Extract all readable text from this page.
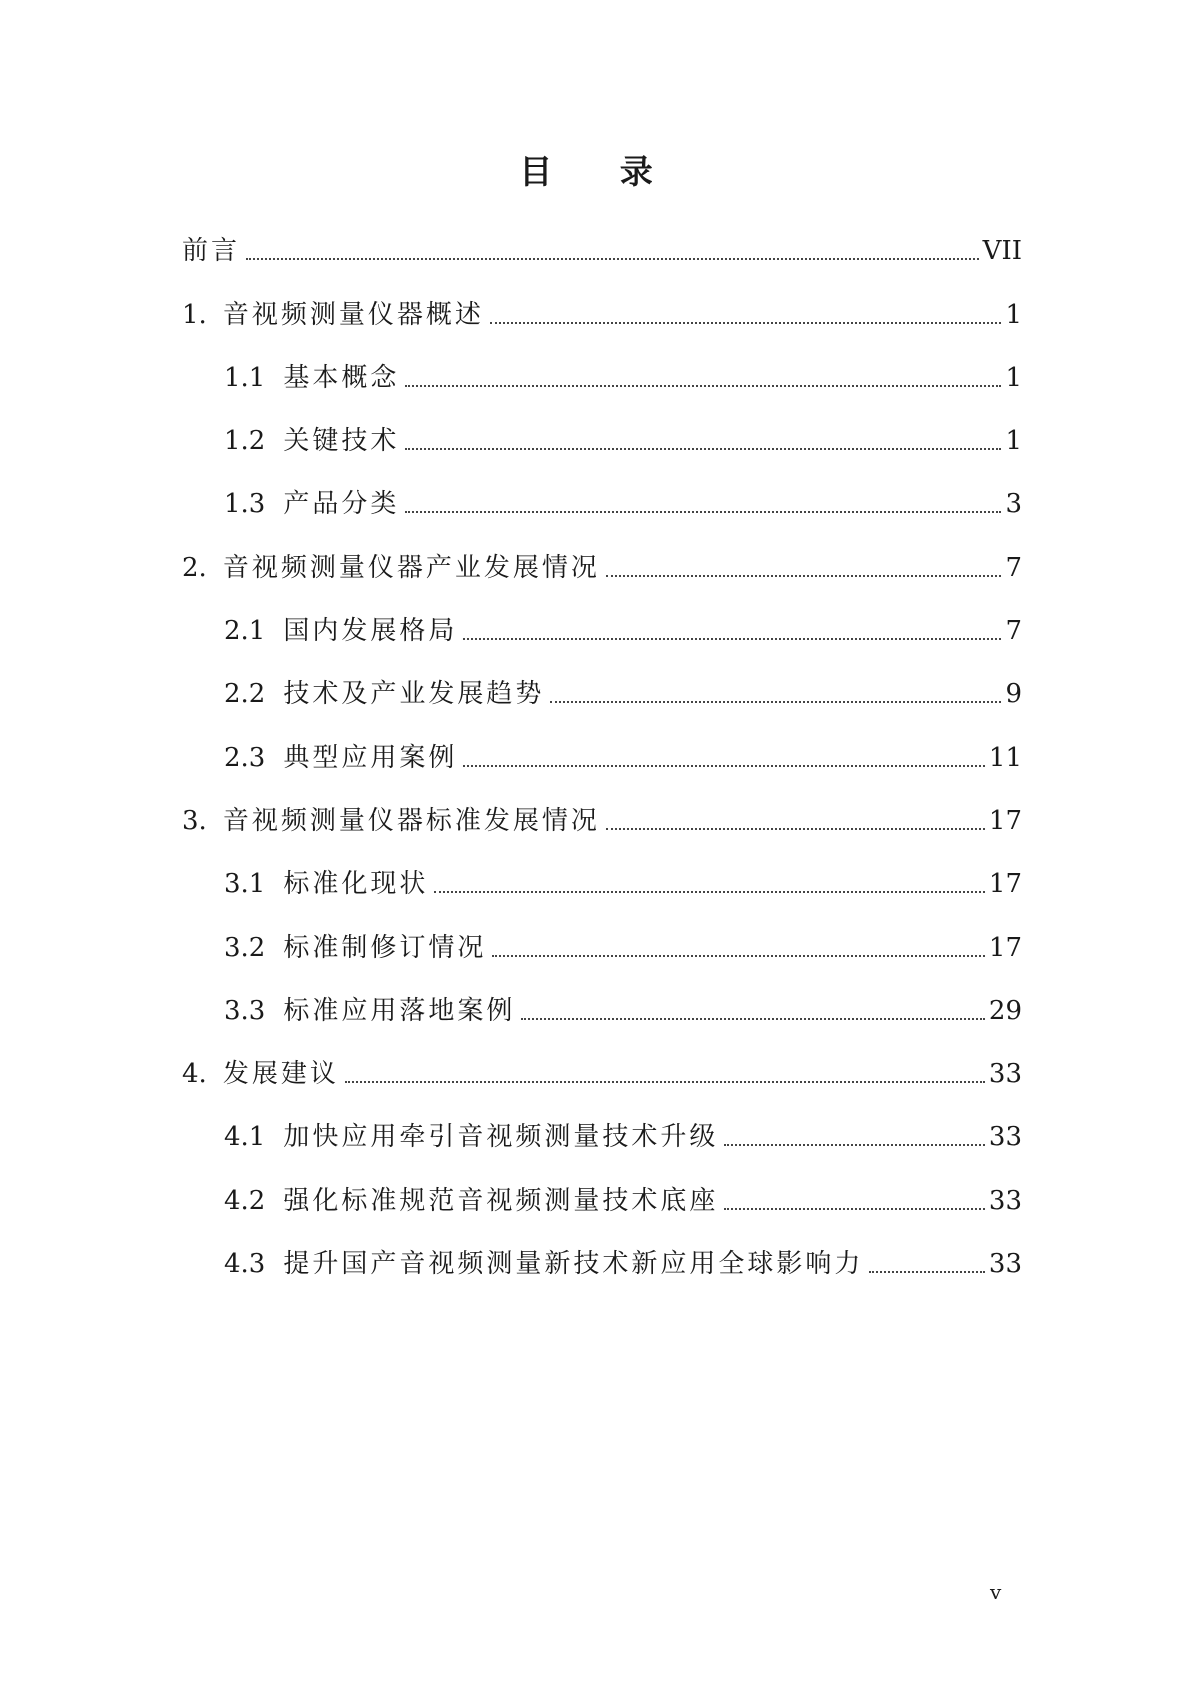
目 录
前言	VII
1. 音视频测量仪器概述	1
1.1 基本概念	1
1.2 关键技术	1
1.3 产品分类	3
2. 音视频测量仪器产业发展情况	7
2.1 国内发展格局	7
2.2 技术及产业发展趋势	9
2.3 典型应用案例	11
3. 音视频测量仪器标准发展情况	17
3.1 标准化现状	17
3.2 标准制修订情况	17
3.3 标准应用落地案例	29
4. 发展建议	33
4.1 加快应用牵引音视频测量技术升级	33
4.2 强化标准规范音视频测量技术底座	33
4.3 提升国产音视频测量新技术新应用全球影响力	33
v
